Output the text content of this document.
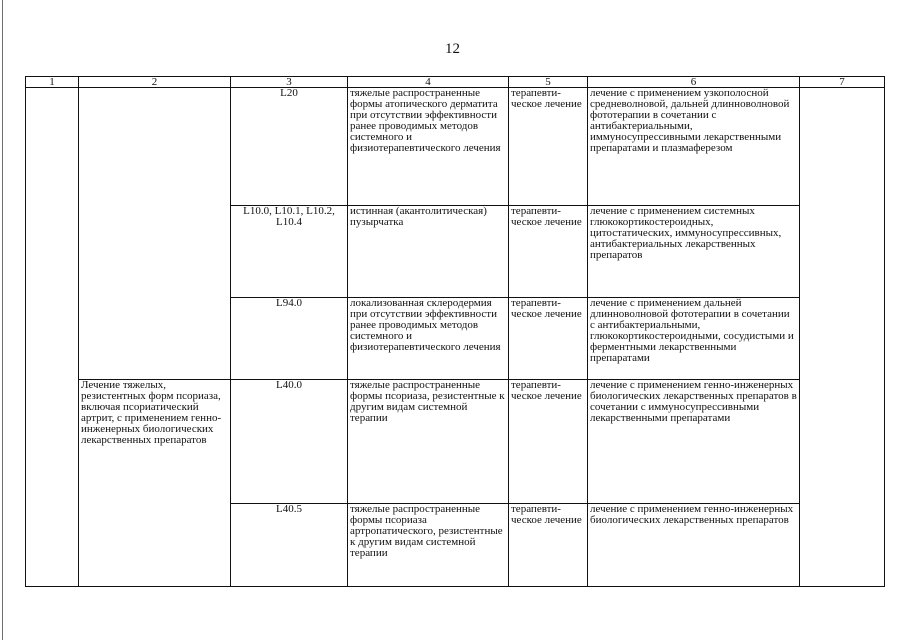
12
1	2	3	4	5	6	7
		L20	тяжелые распространенные формы атопического дерматита при отсутствии эффективности ранее проводимых методов системного и физиотерапевтического лечения	терапевти-ческое лечение	лечение с применением узкополосной средневолновой, дальней длинноволновой фототерапии в сочетании с антибактериальными, иммуносупрессивными лекарственными препаратами и плазмаферезом	
		L10.0, L10.1, L10.2, L10.4	истинная (акантолитическая) пузырчатка	терапевти-ческое лечение	лечение с применением системных глюкокортикостероидных, цитостатических, иммуносупрессивных, антибактериальных лекарственных препаратов	
		L94.0	локализованная склеродермия при отсутствии эффективности ранее проводимых методов системного и физиотерапевтического лечения	терапевти-ческое лечение	лечение с применением дальней длинноволновой фототерапии в сочетании с антибактериальными, глюкокортикостероидными, сосудистыми и ферментными лекарственными препаратами	
	Лечение тяжелых, резистентных форм псориаза, включая псориатический артрит, с применением генно-инженерных биологических лекарственных препаратов	L40.0	тяжелые распространенные формы псориаза, резистентные к другим видам системной терапии	терапевти-ческое лечение	лечение с применением генно-инженерных биологических лекарственных препаратов в сочетании с иммуносупрессивными лекарственными препаратами	
		L40.5	тяжелые распространенные формы псориаза артропатического, резистентные к другим видам системной терапии	терапевти-ческое лечение	лечение с применением генно-инженерных биологических лекарственных препаратов	
